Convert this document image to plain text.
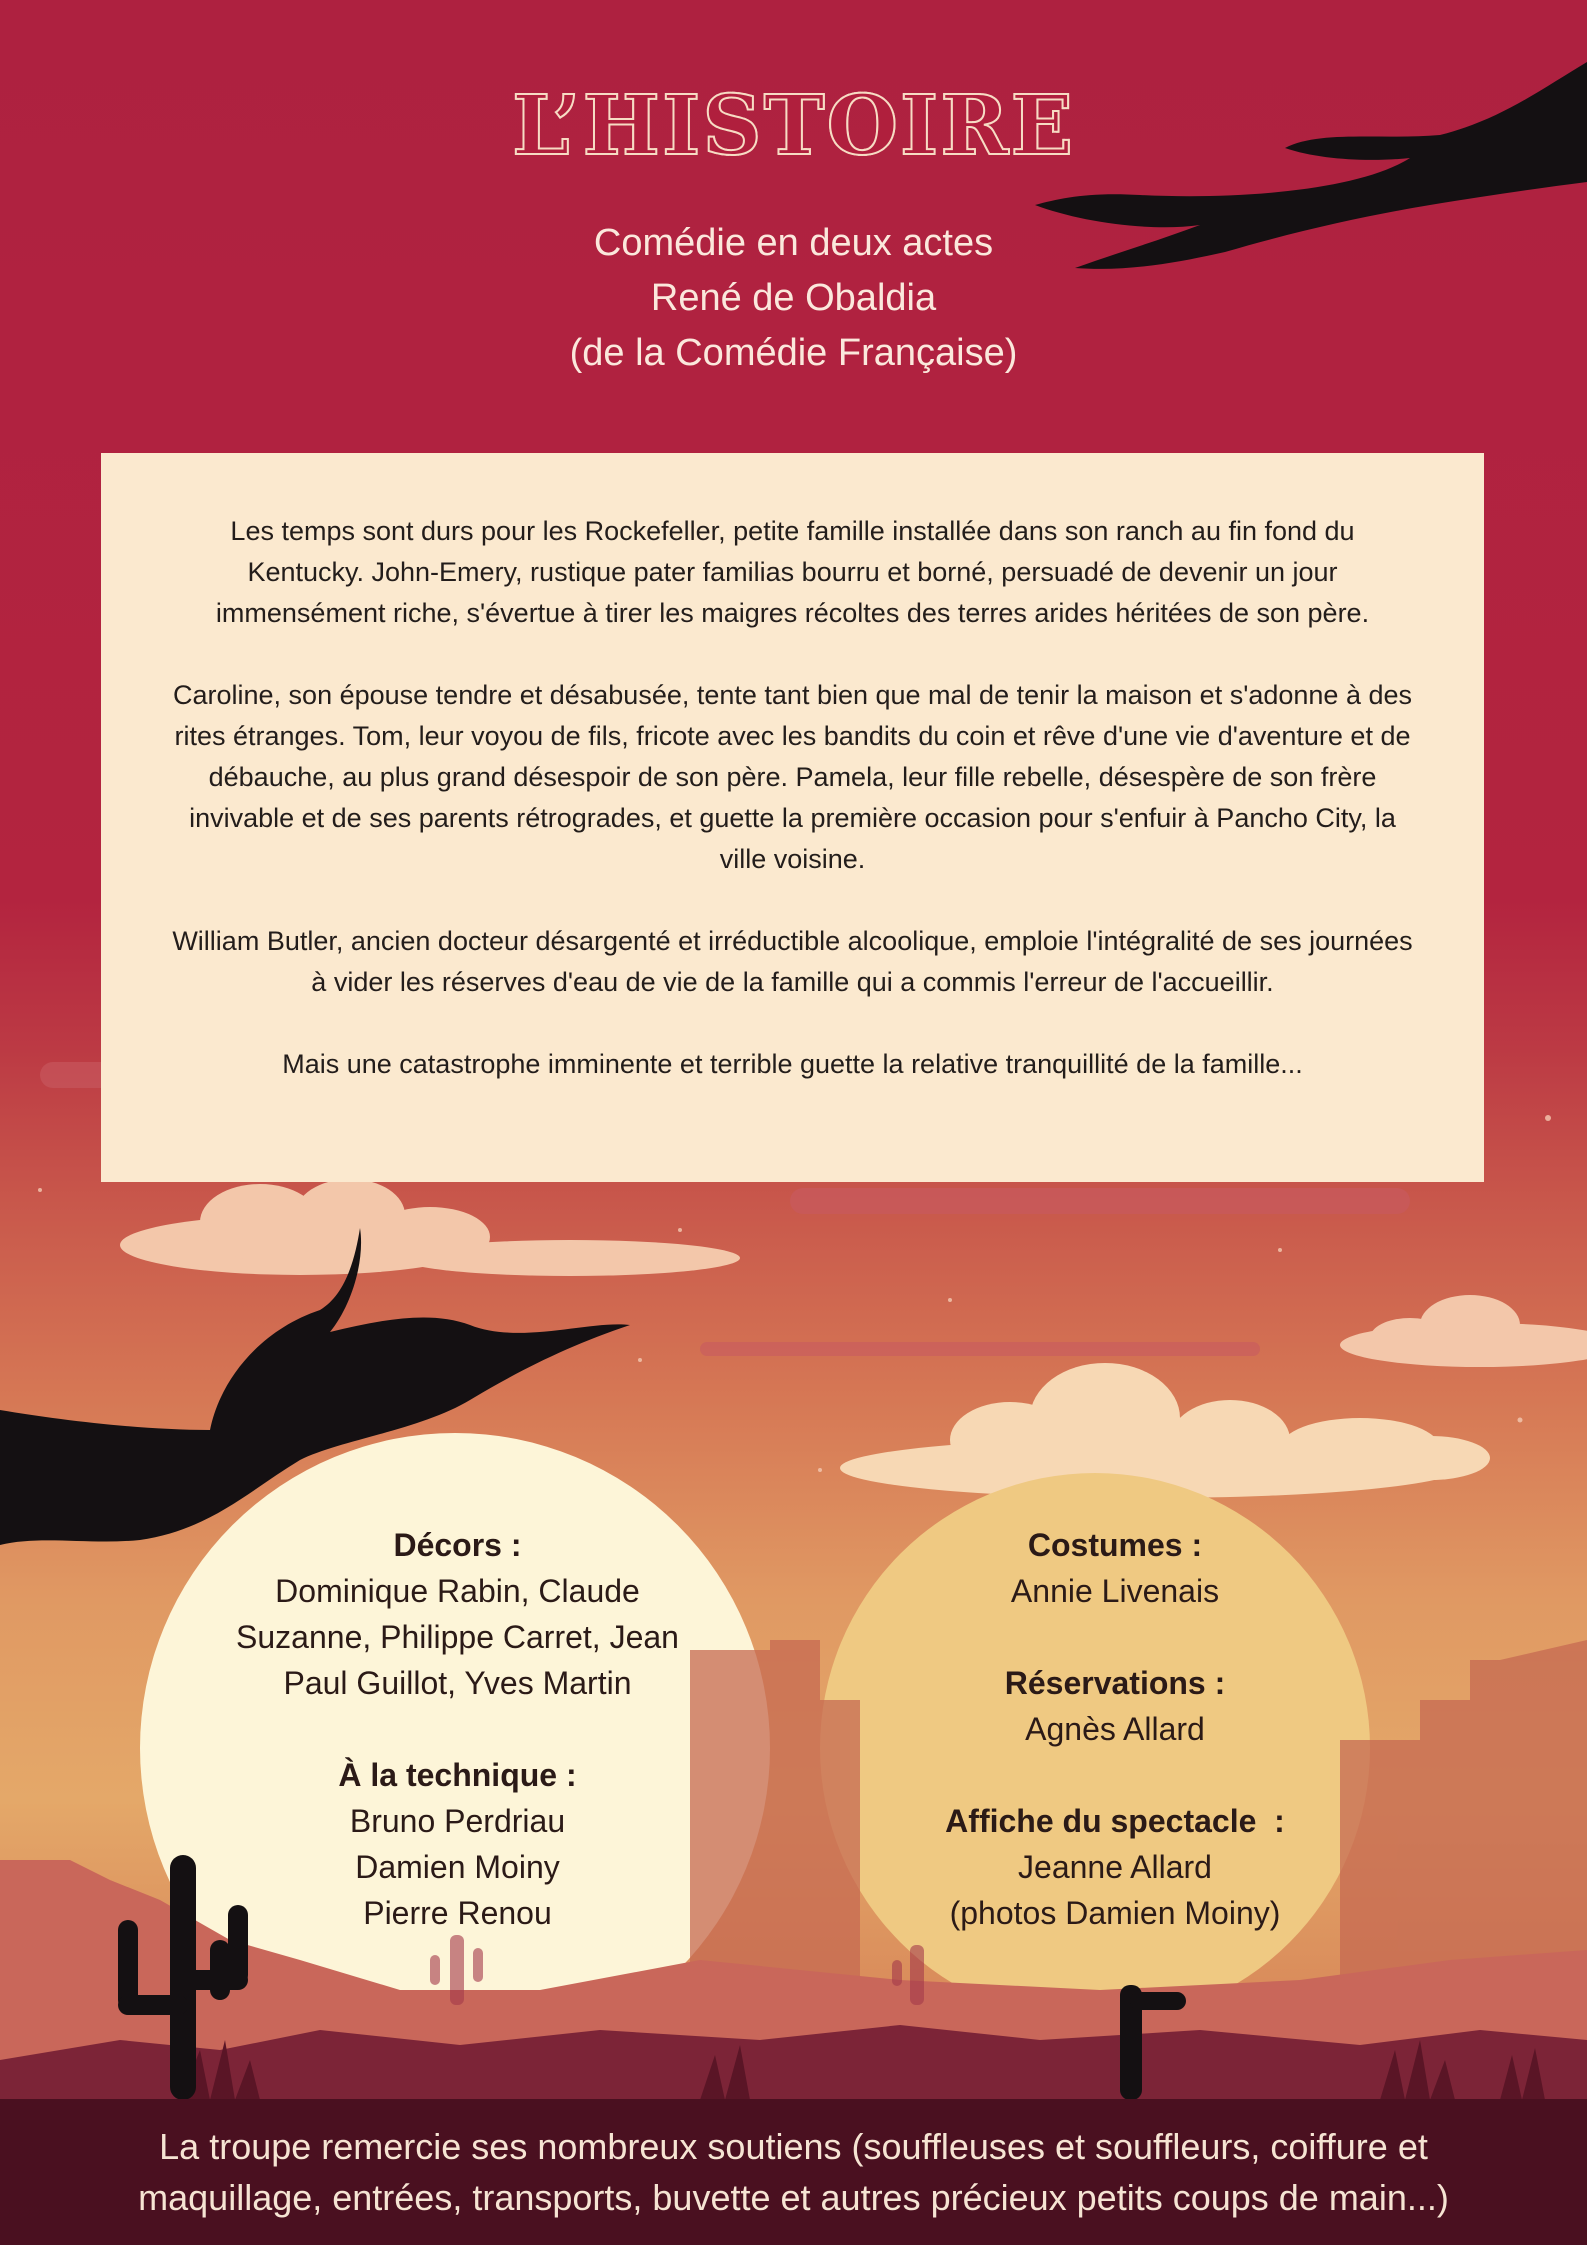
L’HISTOIRE
Comédie en deux actes
René de Obaldia
(de la Comédie Française)

Les temps sont durs pour les Rockefeller, petite famille installée dans son ranch au fin fond du Kentucky. John-Emery, rustique pater familias bourru et borné, persuadé de devenir un jour immensément riche, s'évertue à tirer les maigres récoltes des terres arides héritées de son père.

Caroline, son épouse tendre et désabusée, tente tant bien que mal de tenir la maison et s'adonne à des rites étranges. Tom, leur voyou de fils, fricote avec les bandits du coin et rêve d'une vie d'aventure et de débauche, au plus grand désespoir de son père. Pamela, leur fille rebelle, désespère de son frère invivable et de ses parents rétrogrades, et guette la première occasion pour s'enfuir à Pancho City, la ville voisine.

William Butler, ancien docteur désargenté et irréductible alcoolique, emploie l'intégralité de ses journées à vider les réserves d'eau de vie de la famille qui a commis l'erreur de l'accueillir.

Mais une catastrophe imminente et terrible guette la relative tranquillité de la famille...

Décors :
Dominique Rabin, Claude
Suzanne, Philippe Carret, Jean
Paul Guillot, Yves Martin
À la technique :
Bruno Perdriau
Damien Moiny
Pierre Renou
Costumes :
Annie Livenais
Réservations :
Agnès Allard
Affiche du spectacle  :
Jeanne Allard
(photos Damien Moiny)
La troupe remercie ses nombreux soutiens (souffleuses et souffleurs, coiffure et
maquillage, entrées, transports, buvette et autres précieux petits coups de main...)
